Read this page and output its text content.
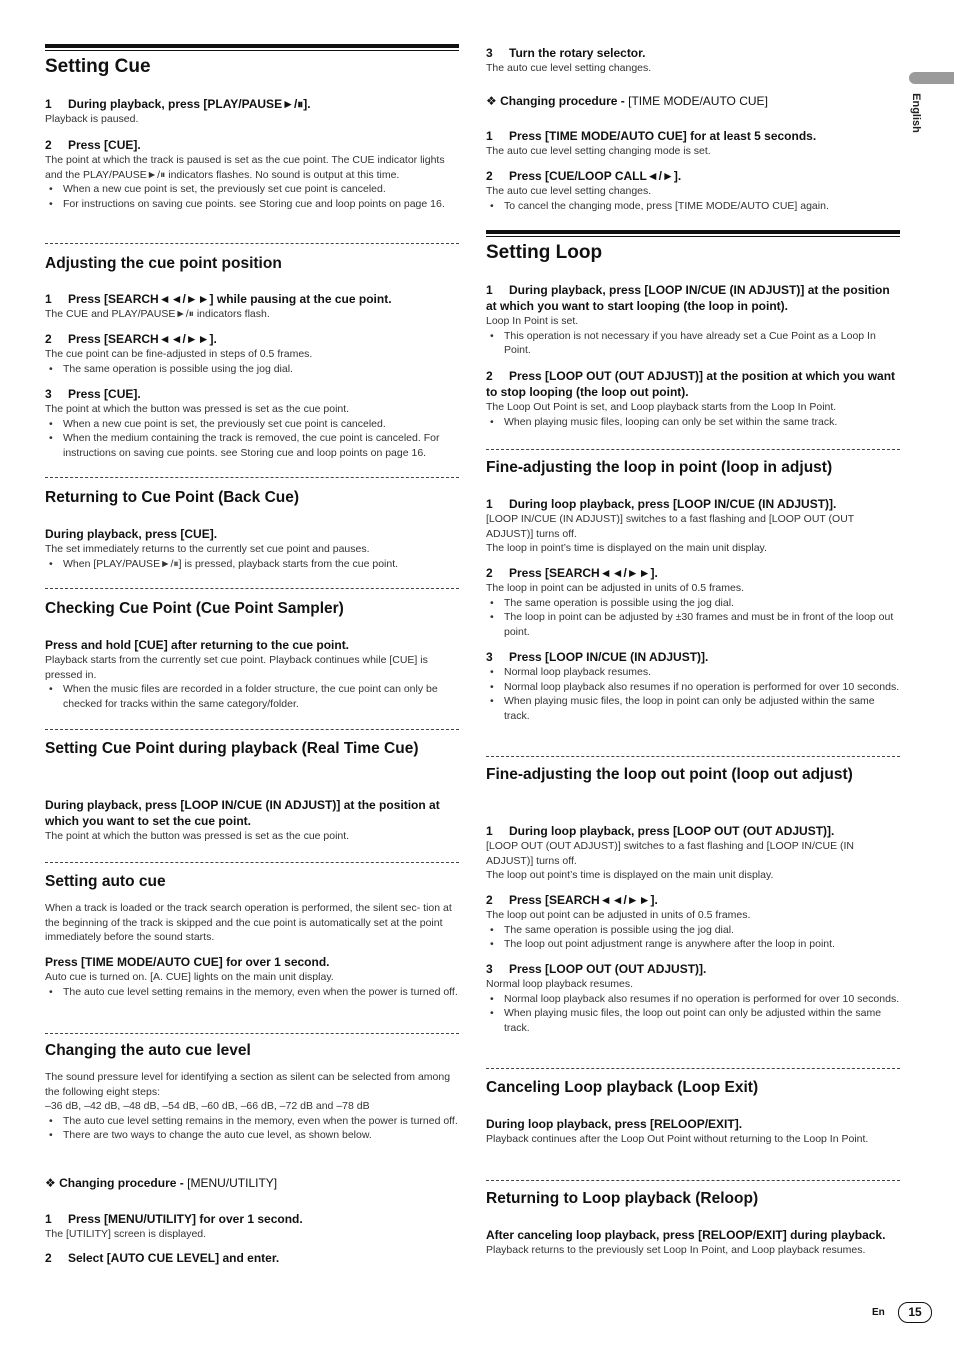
Setting Cue

1 During playback, press [PLAY/PAUSE►/⏸].

Playback is paused.

2 Press [CUE].

The point at which the track is paused is set as the cue point. The CUE indicator lights and the PLAY/PAUSE►/⏸ indicators flashes. No sound is output at this time.

• When a new cue point is set, the previously set cue point is canceled.
• For instructions on saving cue points. see Storing cue and loop points on page 16.

Adjusting the cue point position

1 Press [SEARCH◄◄/►►] while pausing at the cue point.

The CUE and PLAY/PAUSE►/⏸ indicators flash.

2 Press [SEARCH◄◄/►►].

The cue point can be fine-adjusted in steps of 0.5 frames.

• The same operation is possible using the jog dial.

3 Press [CUE].

The point at which the button was pressed is set as the cue point.

• When a new cue point is set, the previously set cue point is canceled.
• When the medium containing the track is removed, the cue point is canceled. For instructions on saving cue points. see Storing cue and loop points on page 16.

Returning to Cue Point (Back Cue)

During playback, press [CUE].

The set immediately returns to the currently set cue point and pauses.

• When [PLAY/PAUSE►/⏸] is pressed, playback starts from the cue point.

Checking Cue Point (Cue Point Sampler)

Press and hold [CUE] after returning to the cue point.

Playback starts from the currently set cue point. Playback continues while [CUE] is pressed in.

• When the music files are recorded in a folder structure, the cue point can only be checked for tracks within the same category/folder.

Setting Cue Point during playback (Real Time Cue)

During playback, press [LOOP IN/CUE (IN ADJUST)] at the position at which you want to set the cue point.

The point at which the button was pressed is set as the cue point.

Setting auto cue

When a track is loaded or the track search operation is performed, the silent sec- tion at the beginning of the track is skipped and the cue point is automatically set at the point immediately before the sound starts.

Press [TIME MODE/AUTO CUE] for over 1 second.

Auto cue is turned on. [A. CUE] lights on the main unit display.

• The auto cue level setting remains in the memory, even when the power is turned off.

Changing the auto cue level

The sound pressure level for identifying a section as silent can be selected from among the following eight steps:

–36 dB, –42 dB, –48 dB, –54 dB, –60 dB, –66 dB, –72 dB and –78 dB

• The auto cue level setting remains in the memory, even when the power is turned off.
• There are two ways to change the auto cue level, as shown below.

❖ Changing procedure - [MENU/UTILITY]

1 Press [MENU/UTILITY] for over 1 second.

The [UTILITY] screen is displayed.

2 Select [AUTO CUE LEVEL] and enter.

3 Turn the rotary selector.

The auto cue level setting changes.

❖ Changing procedure - [TIME MODE/AUTO CUE]

1 Press [TIME MODE/AUTO CUE] for at least 5 seconds.

The auto cue level setting changing mode is set.

2 Press [CUE/LOOP CALL◄/►].

The auto cue level setting changes.

• To cancel the changing mode, press [TIME MODE/AUTO CUE] again.

Setting Loop

1 During playback, press [LOOP IN/CUE (IN ADJUST)] at the position at which you want to start looping (the loop in point).

Loop In Point is set.

• This operation is not necessary if you have already set a Cue Point as a Loop In Point.

2 Press [LOOP OUT (OUT ADJUST)] at the position at which you want to stop looping (the loop out point).

The Loop Out Point is set, and Loop playback starts from the Loop In Point.

• When playing music files, looping can only be set within the same track.

Fine-adjusting the loop in point (loop in adjust)

1 During loop playback, press [LOOP IN/CUE (IN ADJUST)].

[LOOP IN/CUE (IN ADJUST)] switches to a fast flashing and [LOOP OUT (OUT ADJUST)] turns off.

The loop in point’s time is displayed on the main unit display.

2 Press [SEARCH◄◄/►►].

The loop in point can be adjusted in units of 0.5 frames.

• The same operation is possible using the jog dial.
• The loop in point can be adjusted by ±30 frames and must be in front of the loop out point.

3 Press [LOOP IN/CUE (IN ADJUST)].

• Normal loop playback resumes.
• Normal loop playback also resumes if no operation is performed for over 10 seconds.
• When playing music files, the loop in point can only be adjusted within the same track.

Fine-adjusting the loop out point (loop out adjust)

1 During loop playback, press [LOOP OUT (OUT ADJUST)].

[LOOP OUT (OUT ADJUST)] switches to a fast flashing and [LOOP IN/CUE (IN ADJUST)] turns off.

The loop out point’s time is displayed on the main unit display.

2 Press [SEARCH◄◄/►►].

The loop out point can be adjusted in units of 0.5 frames.

• The same operation is possible using the jog dial.
• The loop out point adjustment range is anywhere after the loop in point.

3 Press [LOOP OUT (OUT ADJUST)].

Normal loop playback resumes.

• Normal loop playback also resumes if no operation is performed for over 10 seconds.
• When playing music files, the loop out point can only be adjusted within the same track.

Canceling Loop playback (Loop Exit)

During loop playback, press [RELOOP/EXIT].

Playback continues after the Loop Out Point without returning to the Loop In Point.

Returning to Loop playback (Reloop)

After canceling loop playback, press [RELOOP/EXIT] during playback.

Playback returns to the previously set Loop In Point, and Loop playback resumes.

English
En	15
